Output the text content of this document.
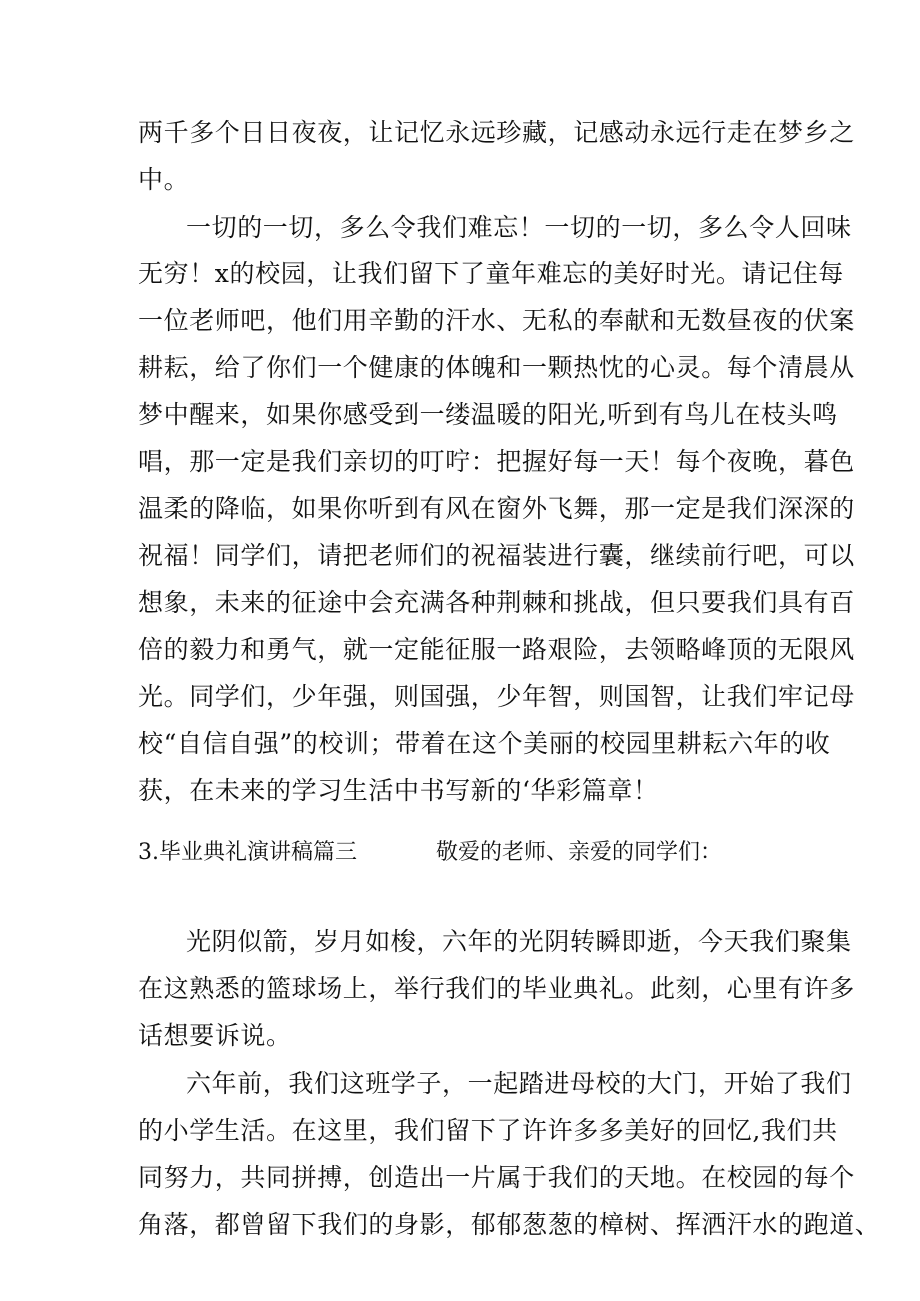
两千多个日日夜夜，让记忆永远珍藏，记感动永远行走在梦乡之
中。
一切的一切，多么令我们难忘！一切的一切，多么令人回味
无穷！x的校园，让我们留下了童年难忘的美好时光。请记住每
一位老师吧，他们用辛勤的汗水、无私的奉献和无数昼夜的伏案
耕耘，给了你们一个健康的体魄和一颗热忱的心灵。每个清晨从
梦中醒来，如果你感受到一缕温暖的阳光,听到有鸟儿在枝头鸣
唱，那一定是我们亲切的叮咛：把握好每一天！每个夜晚，暮色
温柔的降临，如果你听到有风在窗外飞舞，那一定是我们深深的
祝福！同学们，请把老师们的祝福装进行囊，继续前行吧，可以
想象，未来的征途中会充满各种荆棘和挑战，但只要我们具有百
倍的毅力和勇气，就一定能征服一路艰险，去领略峰顶的无限风
光。同学们，少年强，则国强，少年智，则国智，让我们牢记母
校“自信自强”的校训；带着在这个美丽的校园里耕耘六年的收
获，在未来的学习生活中书写新的‘华彩篇章！
3.毕业典礼演讲稿篇三	敬爱的老师、亲爱的同学们：
光阴似箭，岁月如梭，六年的光阴转瞬即逝，今天我们聚集
在这熟悉的篮球场上，举行我们的毕业典礼。此刻，心里有许多
话想要诉说。
六年前，我们这班学子，一起踏进母校的大门，开始了我们
的小学生活。在这里，我们留下了许许多多美好的回忆,我们共
同努力，共同拼搏，创造出一片属于我们的天地。在校园的每个
角落，都曾留下我们的身影，郁郁葱葱的樟树、挥洒汗水的跑道、
